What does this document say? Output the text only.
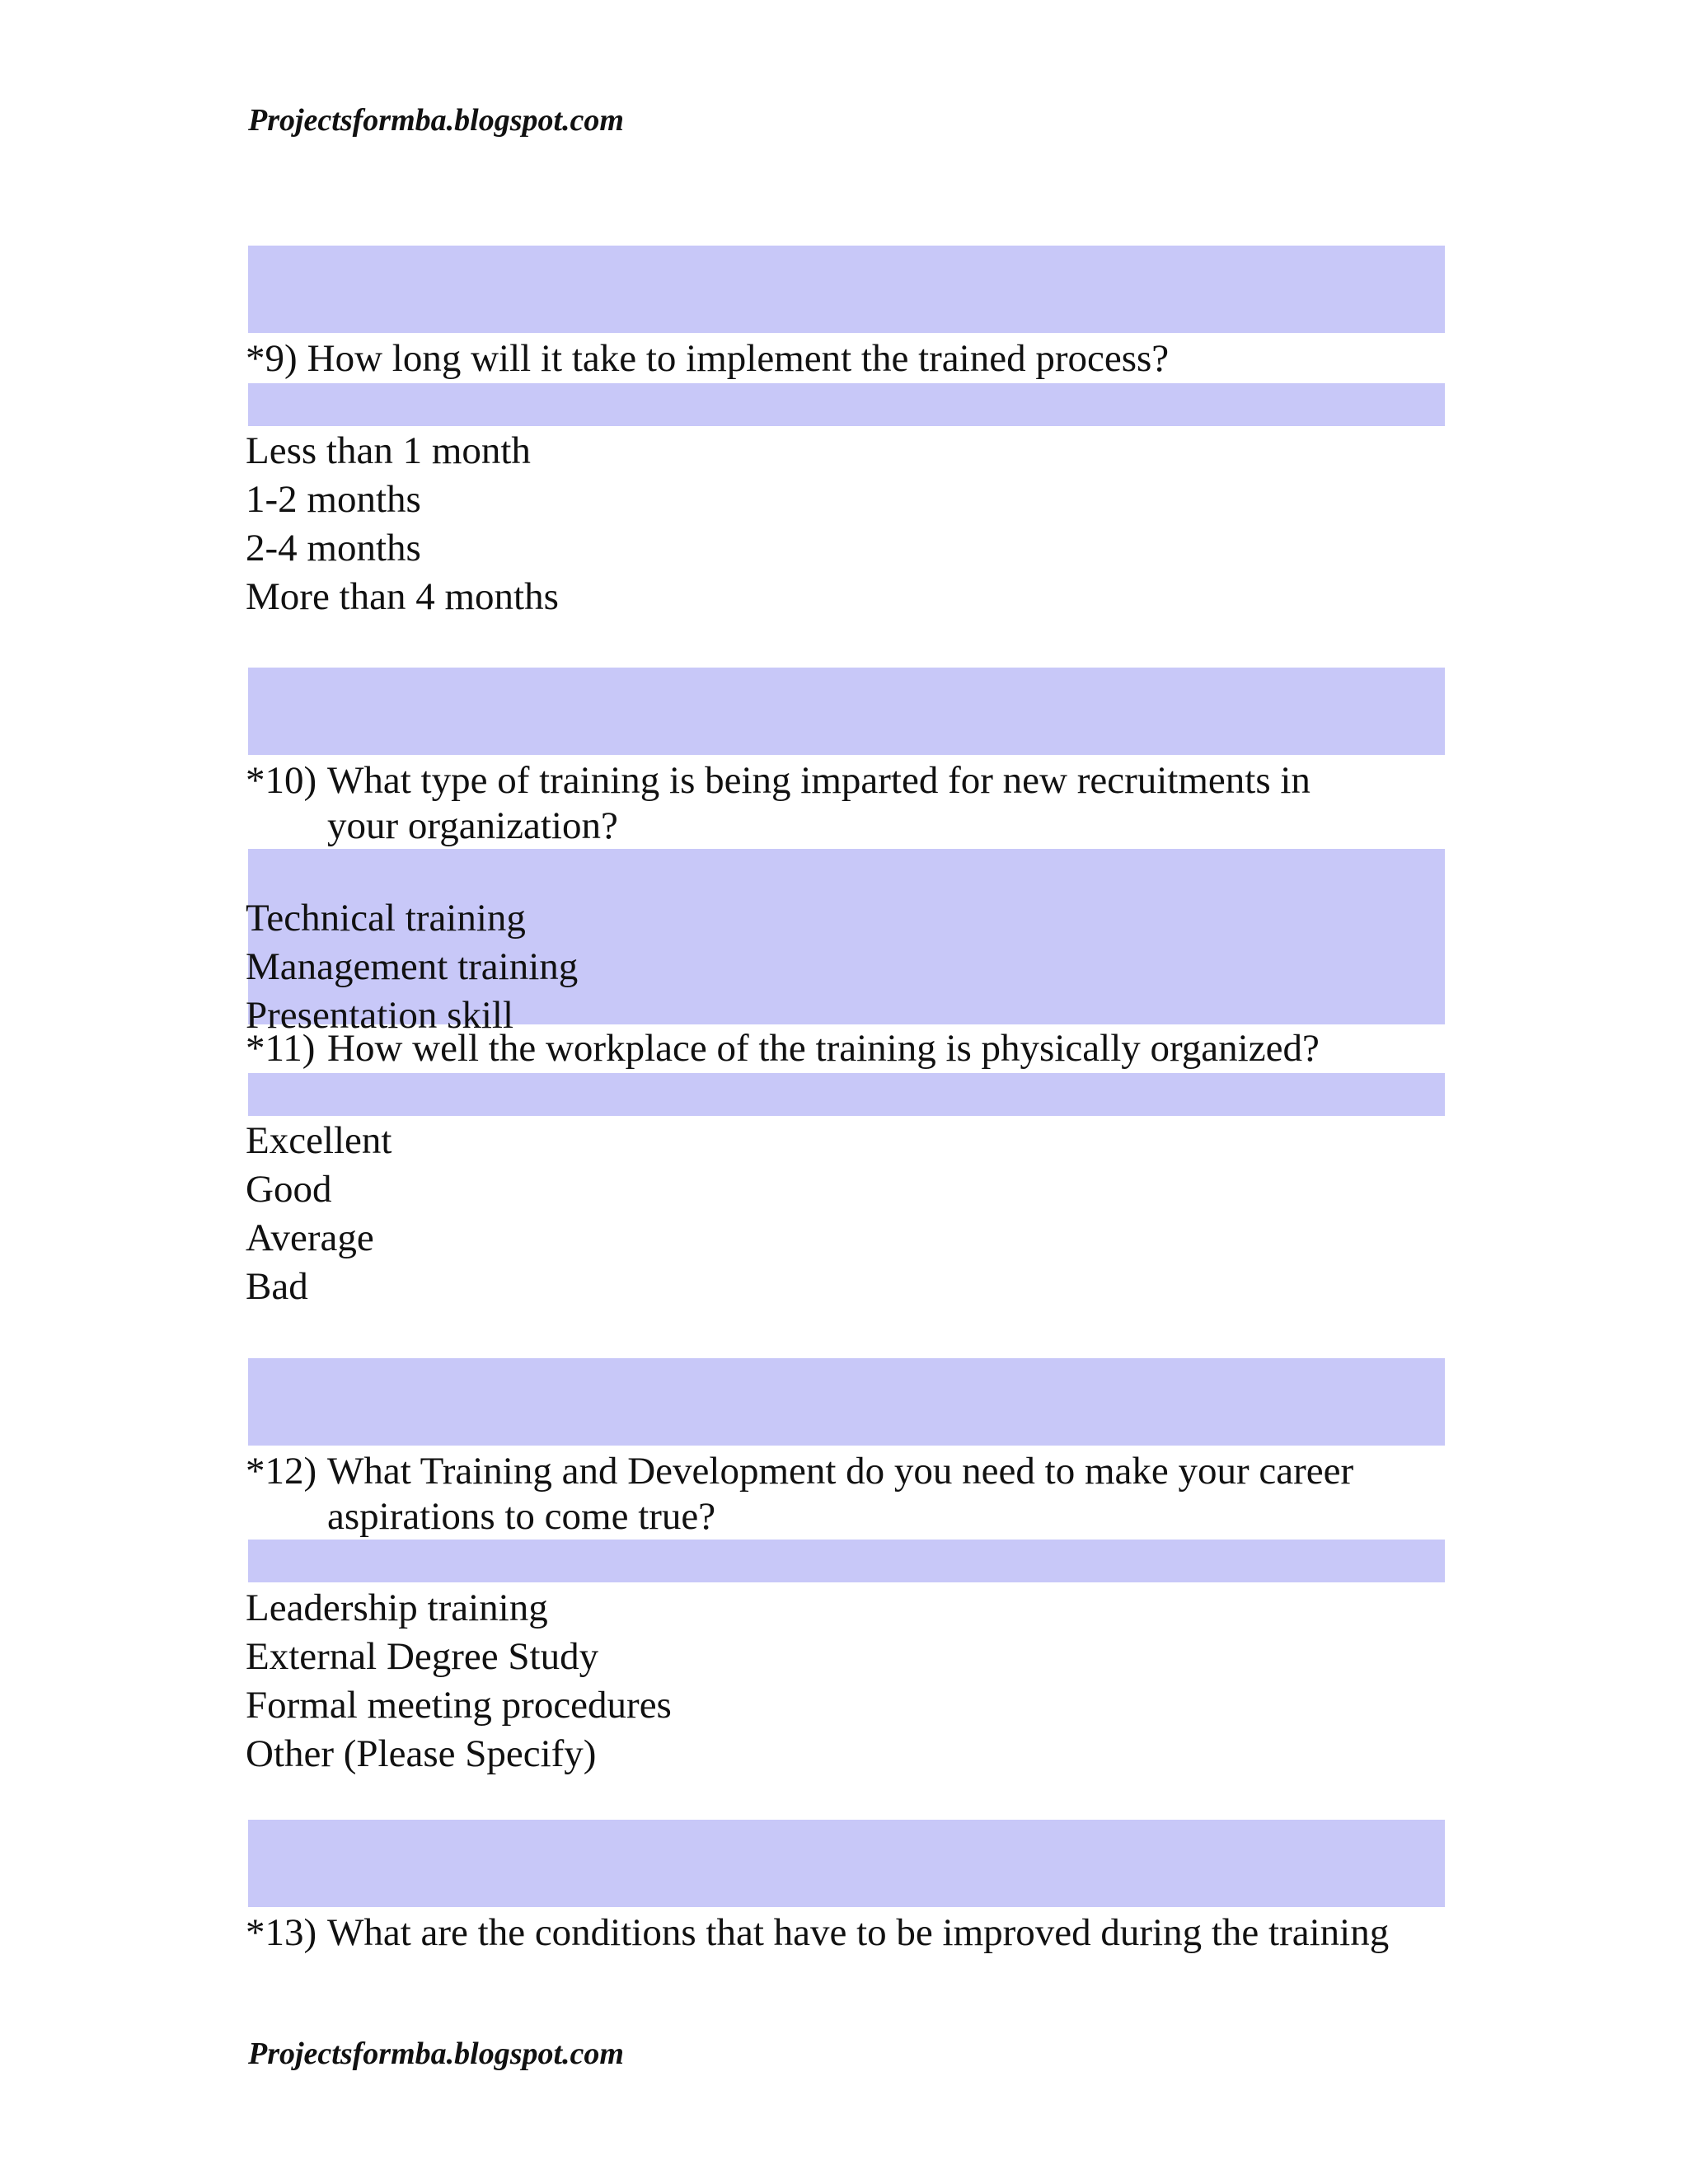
Projectsformba.blogspot.com
*9) How long will it take to implement the trained process?
Less than 1 month
1-2 months
2-4 months
More than 4 months
*10) What type of training is being imparted for new recruitments in your organization?
Technical training
Management training
Presentation skill
*11) How well the workplace of the training is physically organized?
Excellent
Good
Average
Bad
*12) What Training and Development do you need to make your career aspirations to come true?
Leadership training
External Degree Study
Formal meeting procedures
Other (Please Specify)
*13) What are the conditions that have to be improved during the training
Projectsformba.blogspot.com
